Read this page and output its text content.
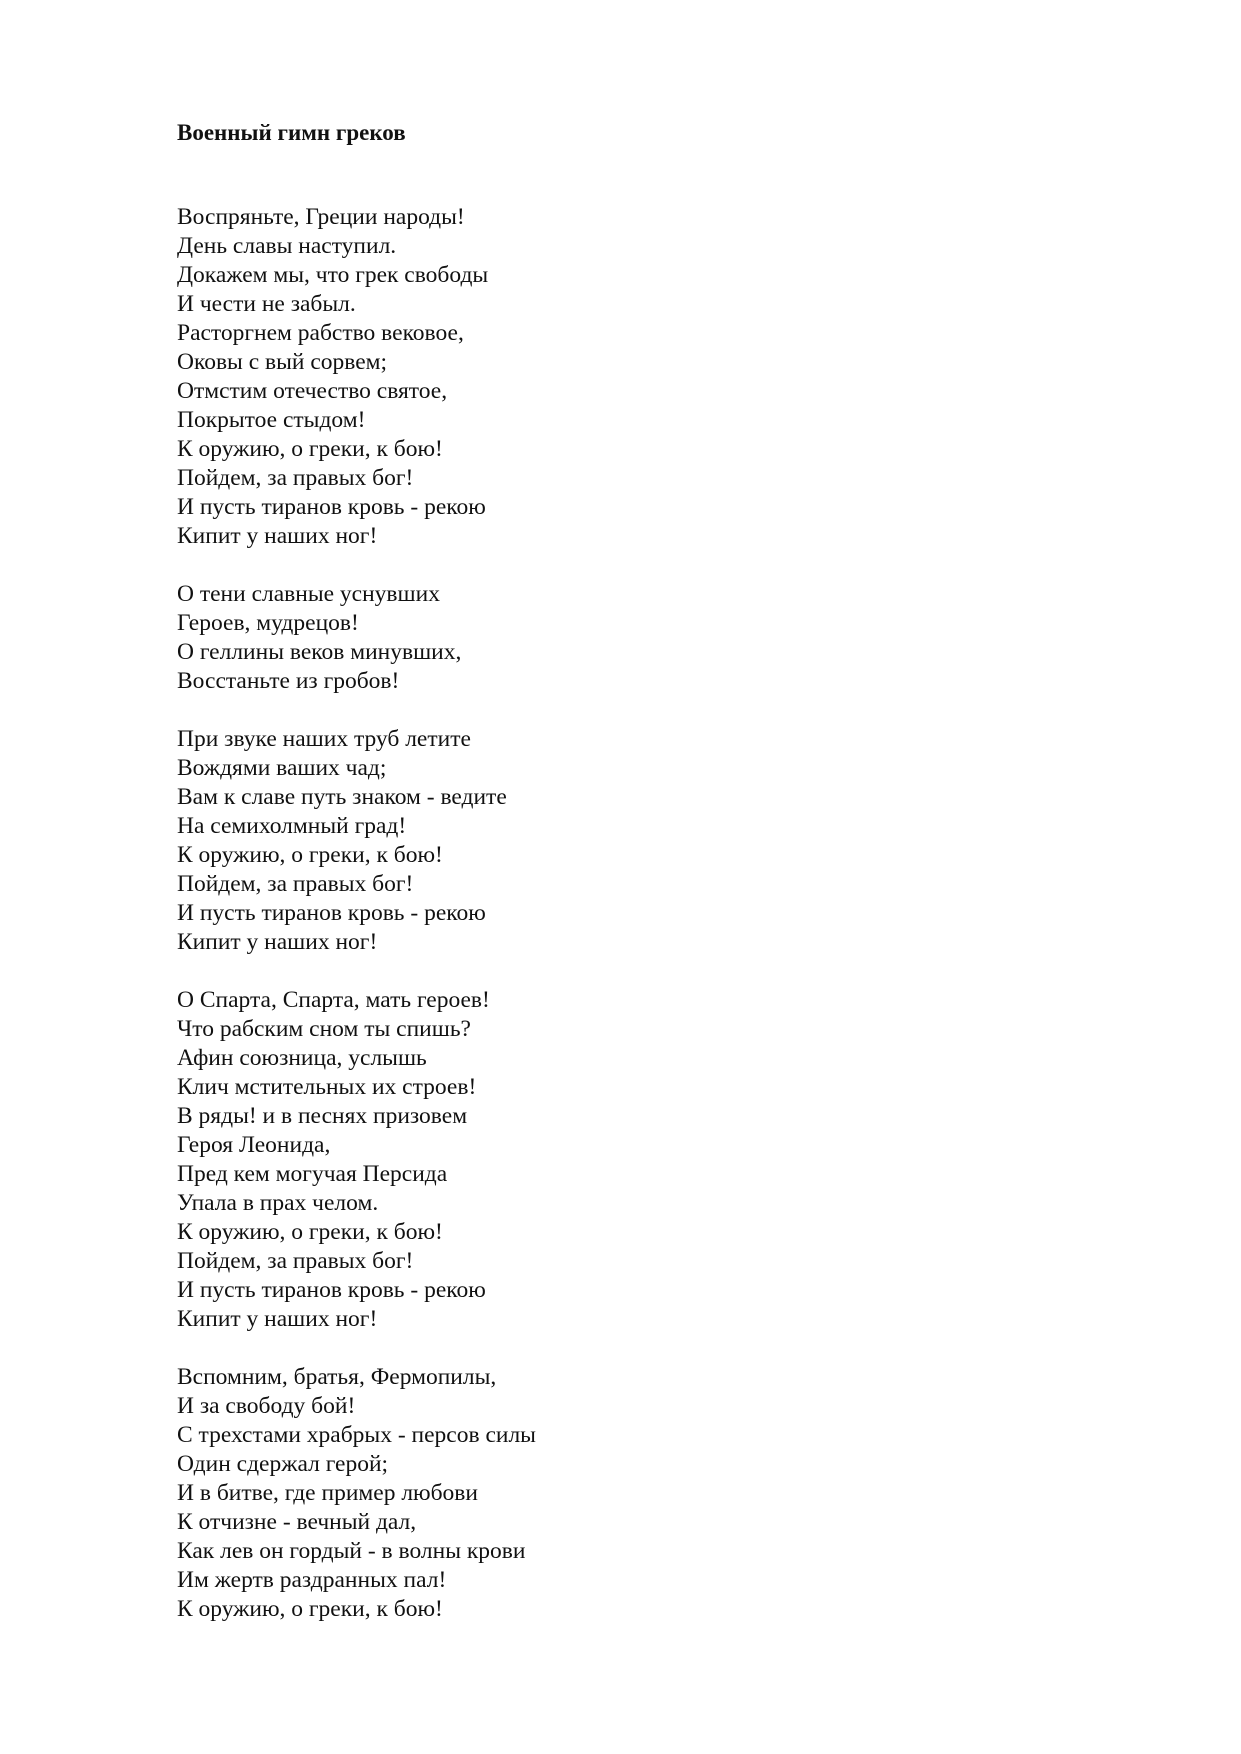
Военный гимн греков
Воспряньте, Греции народы!
День славы наступил.
Докажем мы, что грек свободы
И чести не забыл.
Расторгнем рабство вековое,
Оковы с вый сорвем;
Отмстим отечество святое,
Покрытое стыдом!
К оружию, о греки, к бою!
Пойдем, за правых бог!
И пусть тиранов кровь - рекою
Кипит у наших ног!
О тени славные уснувших
Героев, мудрецов!
О геллины веков минувших,
Восстаньте из гробов!
При звуке наших труб летите
Вождями ваших чад;
Вам к славе путь знаком - ведите
На семихолмный град!
К оружию, о греки, к бою!
Пойдем, за правых бог!
И пусть тиранов кровь - рекою
Кипит у наших ног!
О Спарта, Спарта, мать героев!
Что рабским сном ты спишь?
Афин союзница, услышь
Клич мстительных их строев!
В ряды! и в песнях призовем
Героя Леонида,
Пред кем могучая Персида
Упала в прах челом.
К оружию, о греки, к бою!
Пойдем, за правых бог!
И пусть тиранов кровь - рекою
Кипит у наших ног!
Вспомним, братья, Фермопилы,
И за свободу бой!
С трехстами храбрых - персов силы
Один сдержал герой;
И в битве, где пример любови
К отчизне - вечный дал,
Как лев он гордый - в волны крови
Им жертв раздранных пал!
К оружию, о греки, к бою!
